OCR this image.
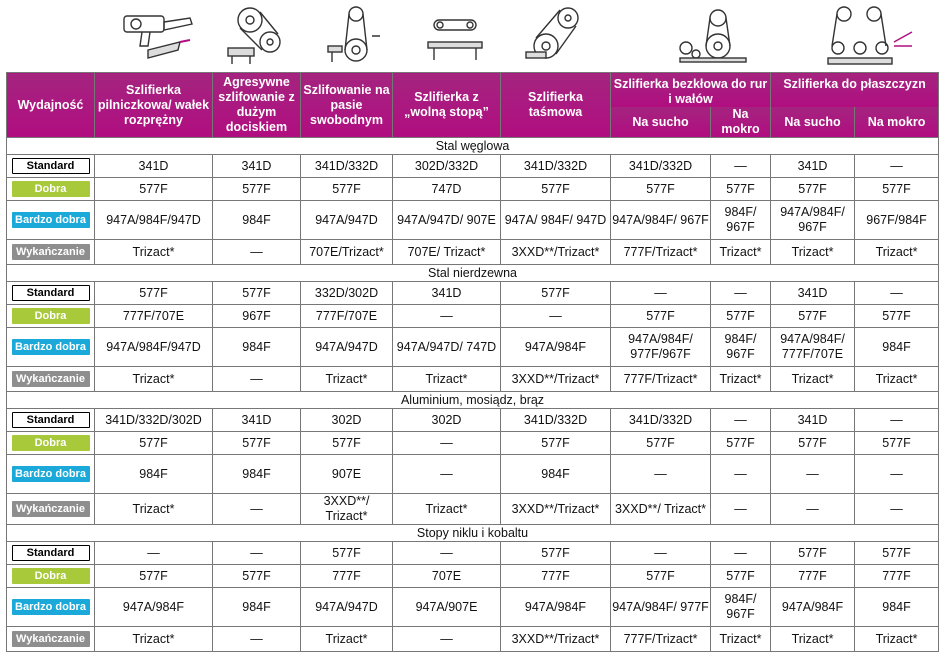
Wydajność	Szlifierka pilniczkowa/ wałek rozprężny	Agresywne szlifowanie z dużym dociskiem	Szlifowanie na pasie swobodnym	Szlifierka z „wolną stopą”	Szlifierka taśmowa	Szlifierka bezkłowa do rur i wałów		Szlifierka do płaszczyzn	
						Na sucho	Na mokro	Na sucho	Na mokro
Stal węglowa									

Standard	341D	341D	341D/332D	302D/332D	341D/332D	341D/332D	—	341D	—

Dobra	577F	577F	577F	747D	577F	577F	577F	577F	577F

Bardzo dobra	947A/984F/947D	984F	947A/947D	947A/947D/ 907E	947A/ 984F/ 947D	947A/984F/ 967F	984F/ 967F	947A/984F/ 967F	967F/984F

Wykańczanie	Trizact*	—	707E/Trizact*	707E/ Trizact*	3XXD**/Trizact*	777F/Trizact*	Trizact*	Trizact*	Trizact*
Stal nierdzewna									

Standard	577F	577F	332D/302D	341D	577F	—	—	341D	—

Dobra	777F/707E	967F	777F/707E	—	—	577F	577F	577F	577F

Bardzo dobra	947A/984F/947D	984F	947A/947D	947A/947D/ 747D	947A/984F	947A/984F/ 977F/967F	984F/ 967F	947A/984F/ 777F/707E	984F

Wykańczanie	Trizact*	—	Trizact*	Trizact*	3XXD**/Trizact*	777F/Trizact*	Trizact*	Trizact*	Trizact*
Aluminium, mosiądz, brąz									

Standard	341D/332D/302D	341D	302D	302D	341D/332D	341D/332D	—	341D	—

Dobra	577F	577F	577F	—	577F	577F	577F	577F	577F

Bardzo dobra	984F	984F	907E	—	984F	—	—	—	—

Wykańczanie	Trizact*	—	3XXD**/ Trizact*	Trizact*	3XXD**/Trizact*	3XXD**/ Trizact*	—	—	—
Stopy niklu i kobaltu									

Standard	—	—	577F	—	577F	—	—	577F	577F

Dobra	577F	577F	777F	707E	777F	577F	577F	777F	777F

Bardzo dobra	947A/984F	984F	947A/947D	947A/907E	947A/984F	947A/984F/ 977F	984F/ 967F	947A/984F	984F

Wykańczanie	Trizact*	—	Trizact*	—	3XXD**/Trizact*	777F/Trizact*	Trizact*	Trizact*	Trizact*
